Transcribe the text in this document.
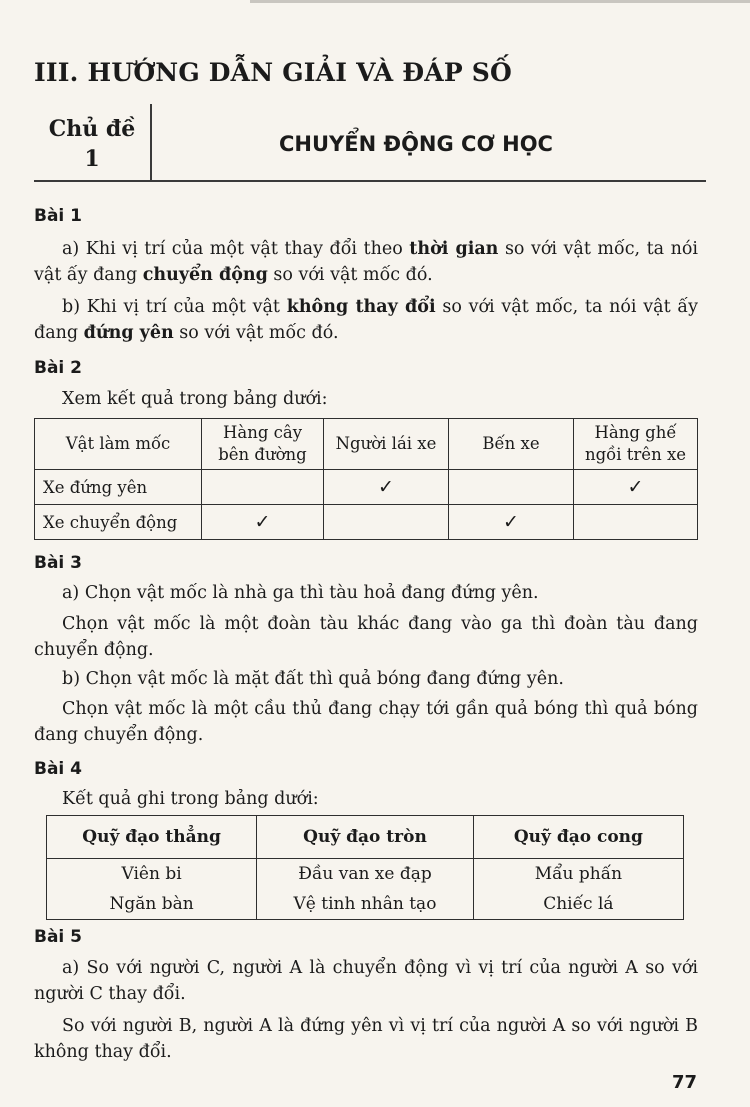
III. HƯỚNG DẪN GIẢI VÀ ĐÁP SỐ
Chủ đề
1
CHUYỂN ĐỘNG CƠ HỌC
Bài 1

a) Khi vị trí của một vật thay đổi theo thời gian so với vật mốc, ta nói vật ấy đang chuyển động so với vật mốc đó.

b) Khi vị trí của một vật không thay đổi so với vật mốc, ta nói vật ấy đang đứng yên so với vật mốc đó.

Bài 2

Xem kết quả trong bảng dưới:

Vật làm mốc	Hàng cây bên đường	Người lái xe	Bến xe	Hàng ghế ngồi trên xe
Xe đứng yên		✓		✓
Xe chuyển động	✓		✓	
Bài 3

a) Chọn vật mốc là nhà ga thì tàu hoả đang đứng yên.

Chọn vật mốc là một đoàn tàu khác đang vào ga thì đoàn tàu đang chuyển động.

b) Chọn vật mốc là mặt đất thì quả bóng đang đứng yên.

Chọn vật mốc là một cầu thủ đang chạy tới gần quả bóng thì quả bóng đang chuyển động.

Bài 4

Kết quả ghi trong bảng dưới:

Quỹ đạo thẳng	Quỹ đạo tròn	Quỹ đạo cong
Viên bi	Đầu van xe đạp	Mẩu phấn
Ngăn bàn	Vệ tinh nhân tạo	Chiếc lá
Bài 5

a) So với người C, người A là chuyển động vì vị trí của người A so với người C thay đổi.

So với người B, người A là đứng yên vì vị trí của người A so với người B không thay đổi.

77
